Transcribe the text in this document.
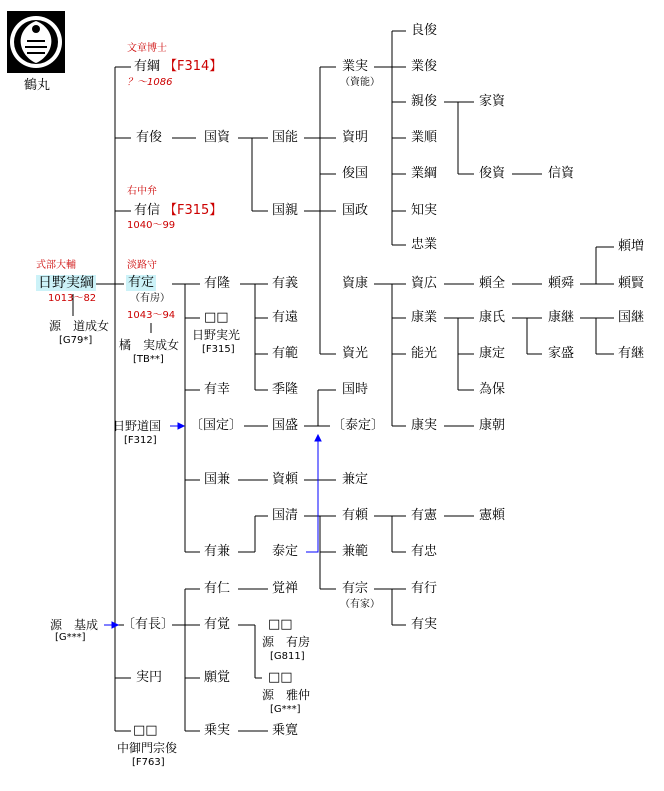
鶴丸
式部大輔
日野実綱
1013～82
源　道成女
[G79*]
源　基成
[G***]
文章博士
有綱 【F314】
？～1086
有俊
右中弁
有信 【F315】
1040～99
淡路守
有定
（有房）
1043～94
橘　実成女
[TB**]
日野道国
[F312]
〔有長〕
実円
□□
中御門宗俊
[F763]
国資
有隆
□□
日野実光
[F315]
有幸
〔国定〕
国兼
有兼
有仁
有覚
願覚
乗実
国能
国親
有義
有遠
有範
季隆
国盛
資頼
国清
泰定
覚禅
□□
源　有房
[G811]
□□
源　雅仲
[G***]
乗寛
業実
（資能）
資明
俊国
国政
資康
資光
国時
〔泰定〕
兼定
有頼
兼範
有宗
（有家）
良俊
業俊
親俊
業順
業綱
知実
忠業
資広
康業
能光
康実
有憲
有忠
有行
有実
家資
俊資
頼全
康氏
康定
為保
康朝
憲頼
信資
頼舜
康継
家盛
頼増
頼賢
国継
有継
